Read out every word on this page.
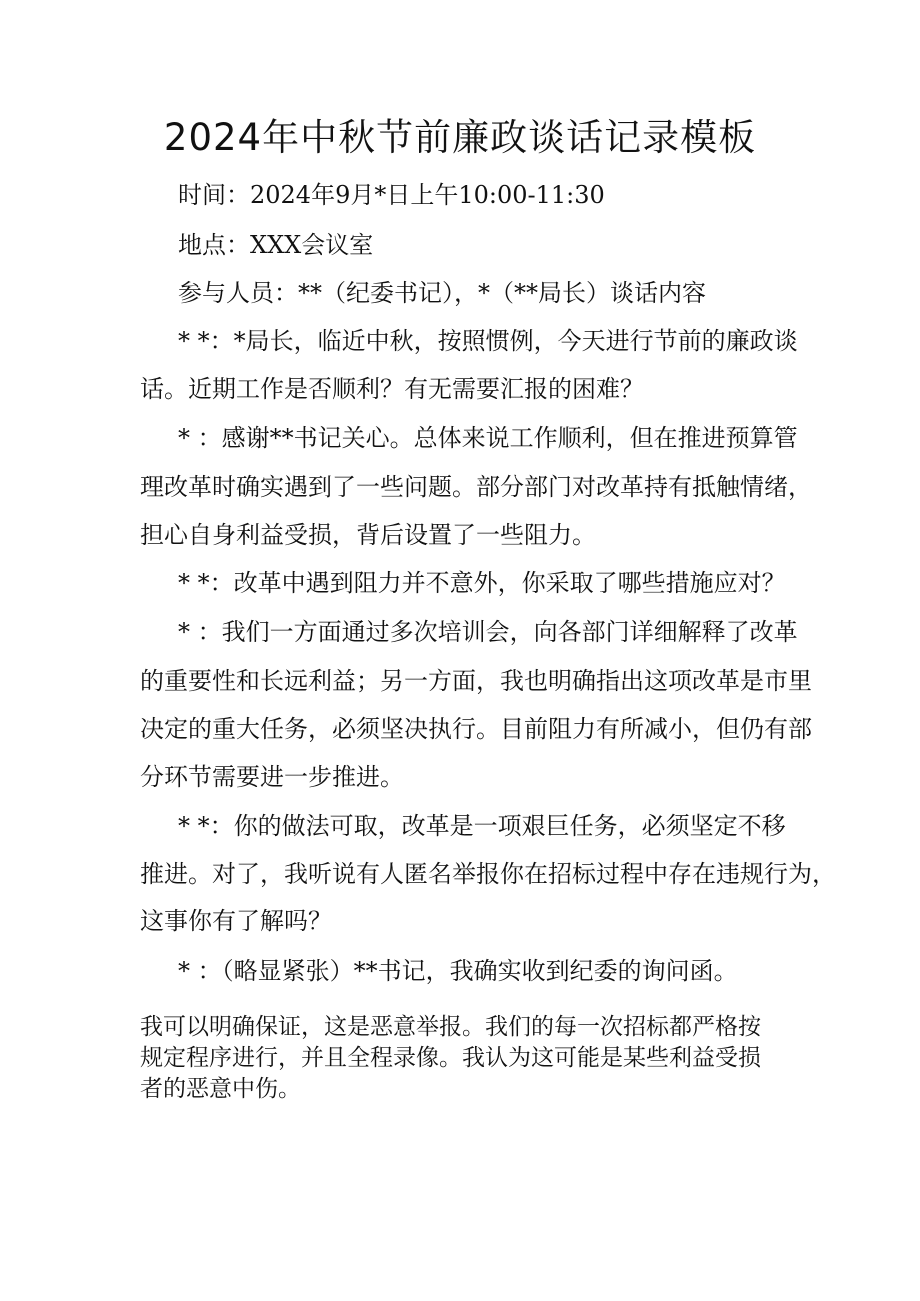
2024年中秋节前廉政谈话记录模板
时间：2024年9月*日上午10:00-11:30
地点：XXX会议室
参与人员：**（纪委书记），*（**局长）谈话内容
* *：*局长，临近中秋，按照惯例，今天进行节前的廉政谈
话。近期工作是否顺利？有无需要汇报的困难？
* ：感谢**书记关心。总体来说工作顺利，但在推进预算管
理改革时确实遇到了一些问题。部分部门对改革持有抵触情绪，
担心自身利益受损，背后设置了一些阻力。
* *：改革中遇到阻力并不意外，你采取了哪些措施应对？
* ：我们一方面通过多次培训会，向各部门详细解释了改革
的重要性和长远利益；另一方面，我也明确指出这项改革是市里
决定的重大任务，必须坚决执行。目前阻力有所减小，但仍有部
分环节需要进一步推进。
* *：你的做法可取，改革是一项艰巨任务，必须坚定不移
推进。对了，我听说有人匿名举报你在招标过程中存在违规行为，
这事你有了解吗？
* ：（略显紧张）**书记，我确实收到纪委的询问函。
我可以明确保证，这是恶意举报。我们的每一次招标都严格按
规定程序进行，并且全程录像。我认为这可能是某些利益受损
者的恶意中伤。
